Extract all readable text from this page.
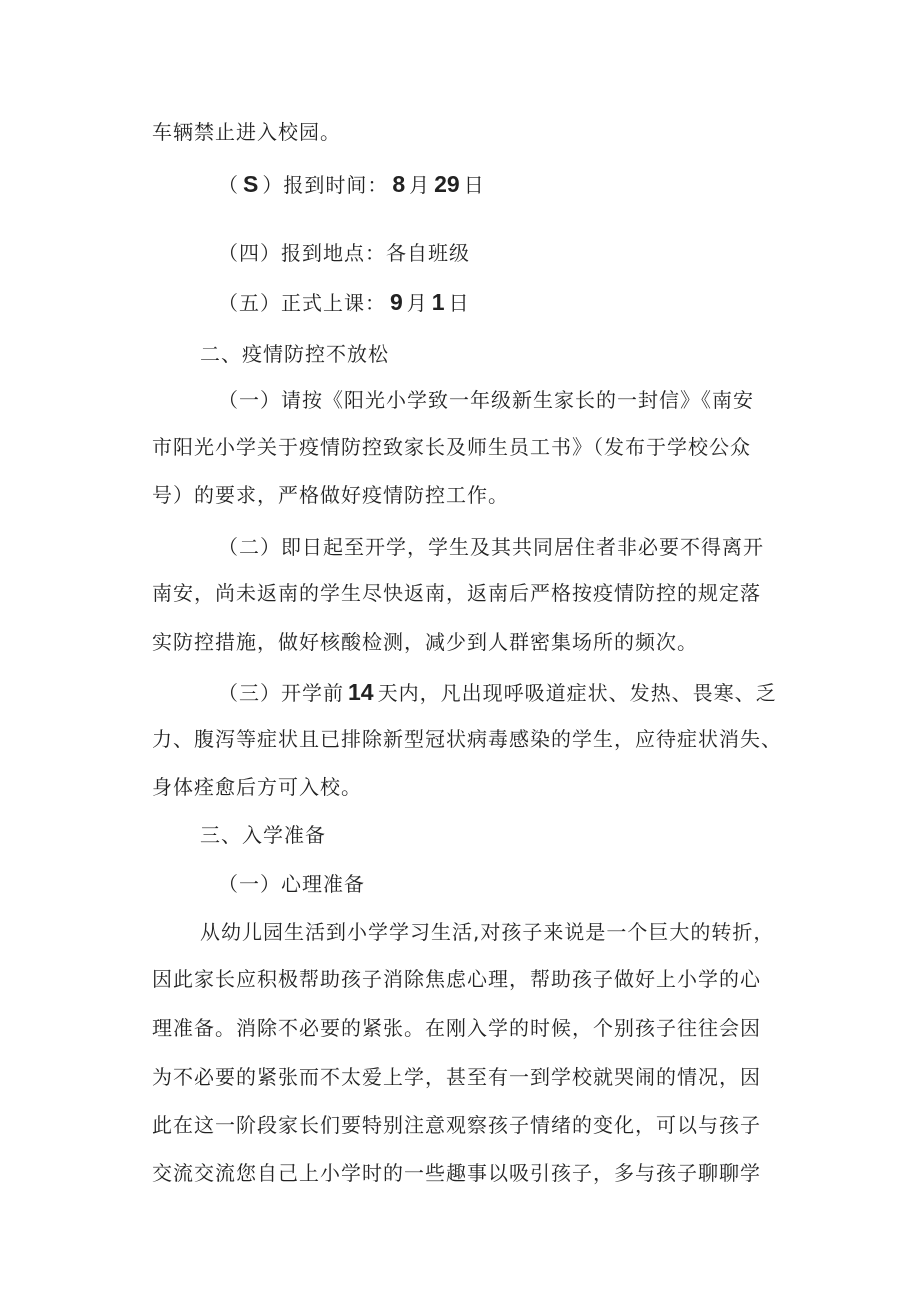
车辆禁止进入校园。
（ S ）报到时间： 8 月 29 日
（四）报到地点：各自班级
（五）正式上课： 9 月 1 日
二、疫情防控不放松
（一）请按《阳光小学致一年级新生家长的一封信》《南安
市阳光小学关于疫情防控致家长及师生员工书》（发布于学校公众
号）的要求，严格做好疫情防控工作。
（二）即日起至开学，学生及其共同居住者非必要不得离开
南安，尚未返南的学生尽快返南，返南后严格按疫情防控的规定落
实防控措施，做好核酸检测，减少到人群密集场所的频次。
（三）开学前 14 天内，凡出现呼吸道症状、发热、畏寒、乏
力、腹泻等症状且已排除新型冠状病毒感染的学生，应待症状消失、
身体痊愈后方可入校。
三、入学准备
（一）心理准备
从幼儿园生活到小学学习生活,对孩子来说是一个巨大的转折，
因此家长应积极帮助孩子消除焦虑心理，帮助孩子做好上小学的心
理准备。消除不必要的紧张。在刚入学的时候，个别孩子往往会因
为不必要的紧张而不太爱上学，甚至有一到学校就哭闹的情况，因
此在这一阶段家长们要特别注意观察孩子情绪的变化，可以与孩子
交流交流您自己上小学时的一些趣事以吸引孩子，多与孩子聊聊学
